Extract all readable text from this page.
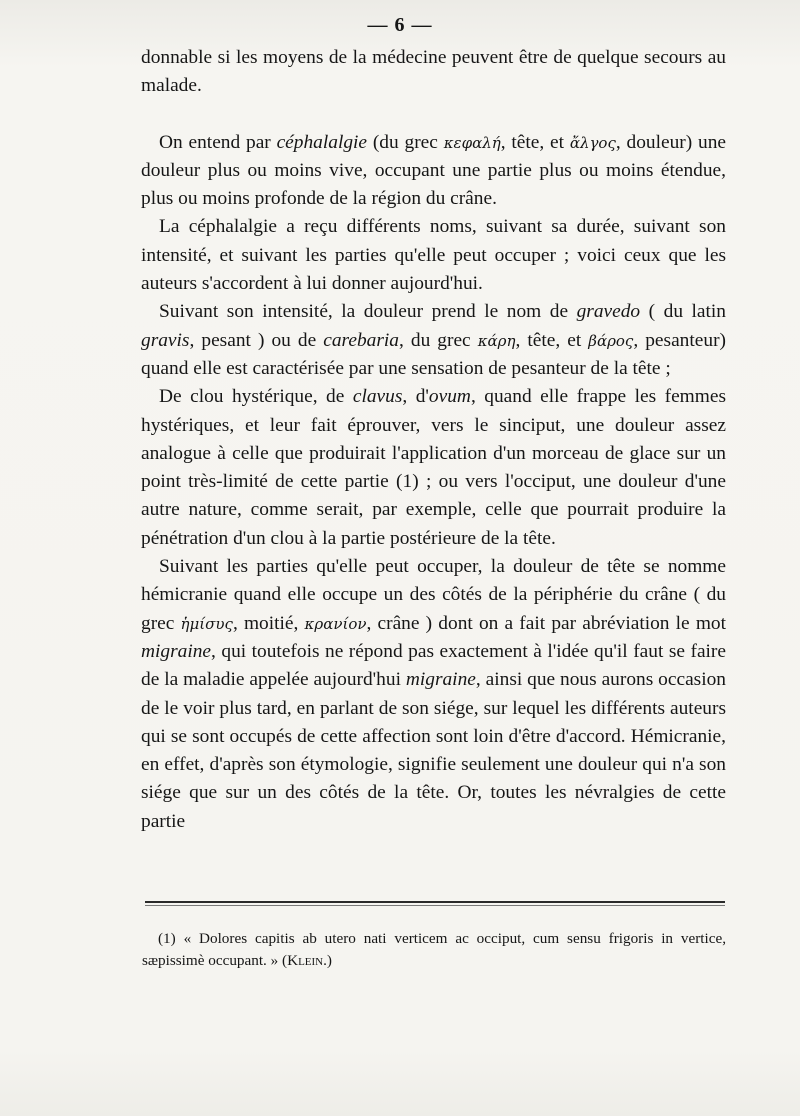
— 6 —

donnable si les moyens de la médecine peuvent être de quelque secours au malade.

On entend par céphalalgie (du grec κεφαλή, tête, et ἄλγος, douleur) une douleur plus ou moins vive, occupant une partie plus ou moins étendue, plus ou moins profonde de la région du crâne.

La céphalalgie a reçu différents noms, suivant sa durée, suivant son intensité, et suivant les parties qu'elle peut occuper ; voici ceux que les auteurs s'accordent à lui donner aujourd'hui.

Suivant son intensité, la douleur prend le nom de gravedo ( du latin gravis, pesant ) ou de carebaria, du grec κάρη, tête, et βάρος, pesanteur) quand elle est caractérisée par une sensation de pesanteur de la tête ;

De clou hystérique, de clavus, d'ovum, quand elle frappe les femmes hystériques, et leur fait éprouver, vers le sinciput, une douleur assez analogue à celle que produirait l'application d'un morceau de glace sur un point très-limité de cette partie (1) ; ou vers l'occiput, une douleur d'une autre nature, comme serait, par exemple, celle que pourrait produire la pénétration d'un clou à la partie postérieure de la tête.

Suivant les parties qu'elle peut occuper, la douleur de tête se nomme hémicranie quand elle occupe un des côtés de la périphérie du crâne ( du grec ἡμίσυς, moitié, κρανίον, crâne ) dont on a fait par abréviation le mot migraine, qui toutefois ne répond pas exactement à l'idée qu'il faut se faire de la maladie appelée aujourd'hui migraine, ainsi que nous aurons occasion de le voir plus tard, en parlant de son siége, sur lequel les différents auteurs qui se sont occupés de cette affection sont loin d'être d'accord. Hémicranie, en effet, d'après son étymologie, signifie seulement une douleur qui n'a son siége que sur un des côtés de la tête. Or, toutes les névralgies de cette partie

(1) « Dolores capitis ab utero nati verticem ac occiput, cum sensu frigoris in vertice, sæpissimè occupant. » (Klein.)
